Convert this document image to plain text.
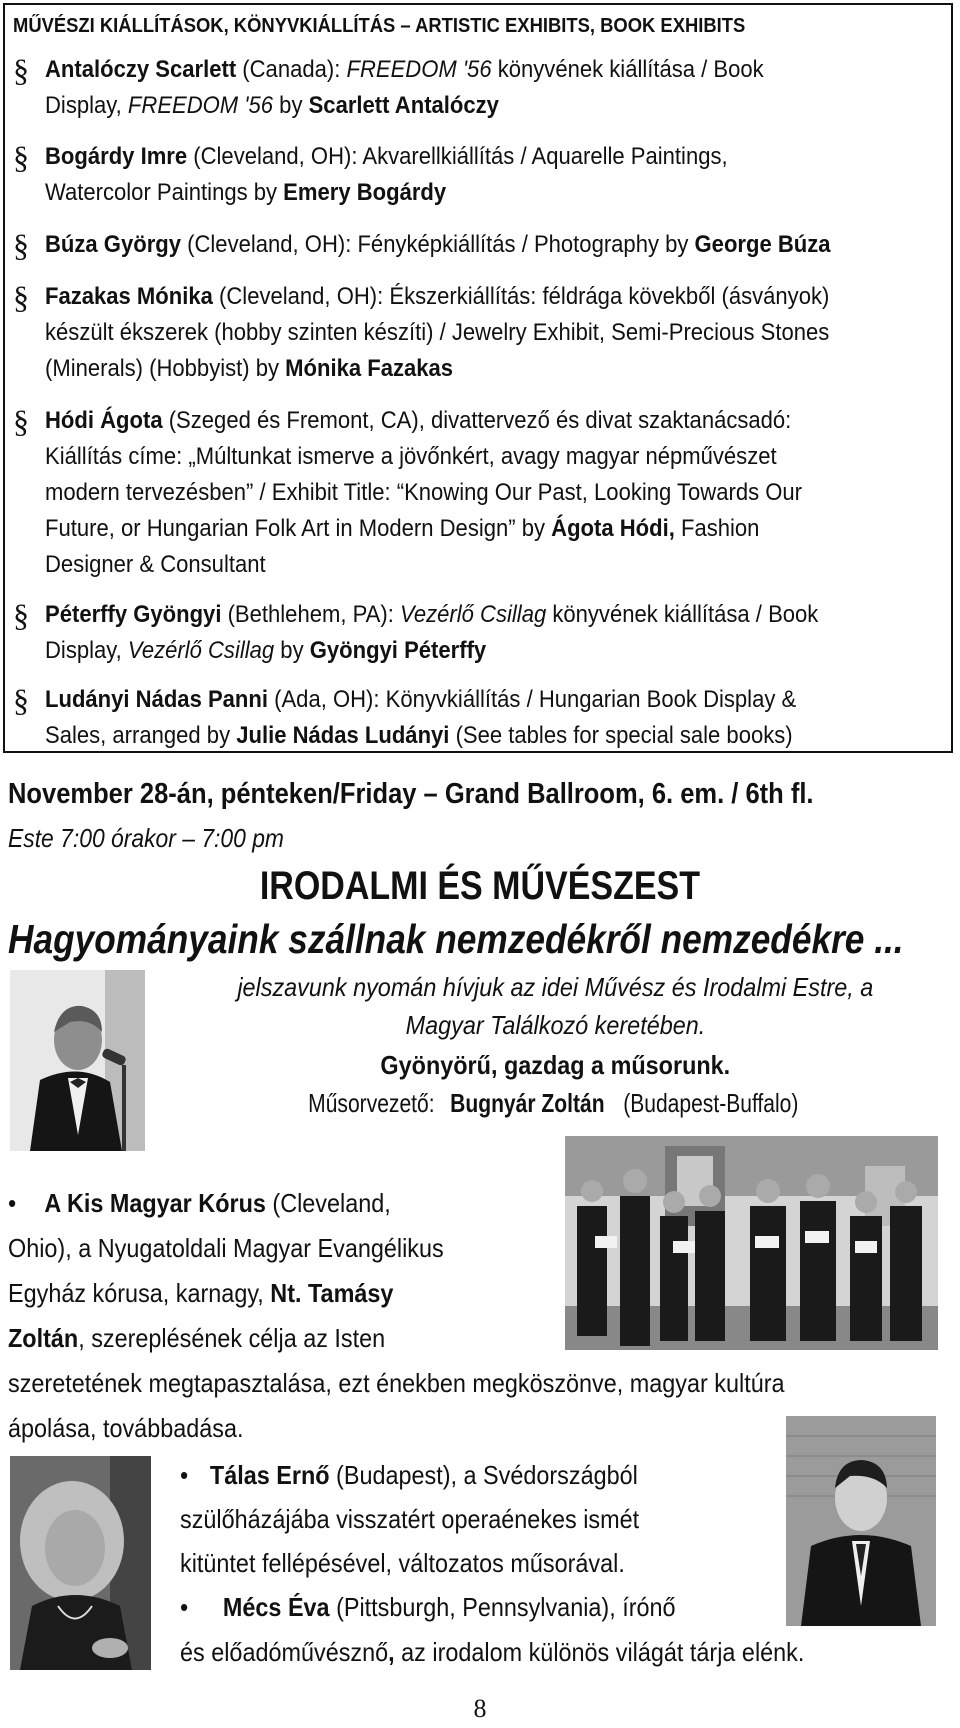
MŰVÉSZI KIÁLLÍTÁSOK, KÖNYVKIÁLLÍTÁS – ARTISTIC EXHIBITS, BOOK EXHIBITS
§ Antalóczy Scarlett (Canada): FREEDOM '56 könyvének kiállítása / Book
Display, FREEDOM '56 by Scarlett Antalóczy
§ Bogárdy Imre (Cleveland, OH): Akvarellkiállítás / Aquarelle Paintings,
Watercolor Paintings by Emery Bogárdy
§ Búza György (Cleveland, OH): Fényképkiállítás / Photography by George Búza
§ Fazakas Mónika (Cleveland, OH): Ékszerkiállítás: féldrága kövekből (ásványok)
készült ékszerek (hobby szinten készíti) / Jewelry Exhibit, Semi-Precious Stones
(Minerals) (Hobbyist) by Mónika Fazakas
§ Hódi Ágota (Szeged és Fremont, CA), divattervező és divat szaktanácsadó:
Kiállítás címe: „Múltunkat ismerve a jövőnkért, avagy magyar népművészet
modern tervezésben” / Exhibit Title: “Knowing Our Past, Looking Towards Our
Future, or Hungarian Folk Art in Modern Design” by Ágota Hódi, Fashion
Designer & Consultant
§ Péterffy Gyöngyi (Bethlehem, PA): Vezérlő Csillag könyvének kiállítása / Book
Display, Vezérlő Csillag by Gyöngyi Péterffy
§ Ludányi Nádas Panni (Ada, OH): Könyvkiállítás / Hungarian Book Display &
Sales, arranged by Julie Nádas Ludányi (See tables for special sale books)
November 28-án, pénteken/Friday – Grand Ballroom, 6. em. / 6th fl.
Este 7:00 órakor – 7:00 pm
IRODALMI ÉS MŰVÉSZEST
Hagyományaink szállnak nemzedékről nemzedékre ...
jelszavunk nyomán hívjuk az idei Művész és Irodalmi Estre, a
Magyar Találkozó keretében.
Gyönyörű, gazdag a műsorunk.
Műsorvezető:Bugnyár Zoltán(Budapest-Buffalo)
• A Kis Magyar Kórus (Cleveland,
Ohio), a Nyugatoldali Magyar Evangélikus
Egyház kórusa, karnagy, Nt. Tamásy
Zoltán, szereplésének célja az Isten
szeretetének megtapasztalása, ezt énekben megköszönve, magyar kultúra
ápolása, továbbadása.
• Tálas Ernő (Budapest), a Svédországból
szülőházájába visszatért operaénekes ismét
kitüntet fellépésével, változatos műsorával.
• Mécs Éva (Pittsburgh, Pennsylvania), írónő
és előadóművésznő, az irodalom különös világát tárja elénk.
8
